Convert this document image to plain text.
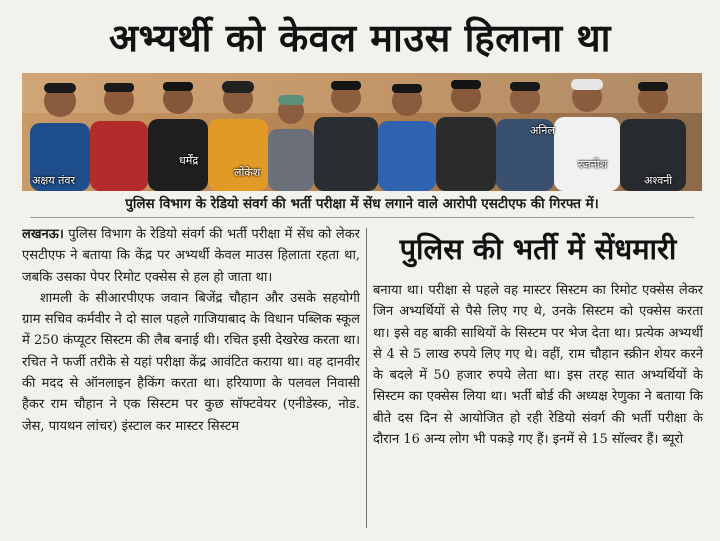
अभ्यर्थी को केवल माउस हिलाना था
अक्षय तंवर
धर्मेंद्र
लोकेश
अनिल
रजनीश
अश्वनी
पुलिस विभाग के रेडियो संवर्ग की भर्ती परीक्षा में सेंध लगाने वाले आरोपी एसटीएफ की गिरफ्त में।

लखनऊ। पुलिस विभाग के रेडियो संवर्ग की भर्ती परीक्षा में सेंध को लेकर एसटीएफ ने बताया कि केंद्र पर अभ्यर्थी केवल माउस हिलाता रहता था, जबकि उसका पेपर रिमोट एक्सेस से हल हो जाता था।

शामली के सीआरपीएफ जवान बिजेंद्र चौहान और उसके सहयोगी ग्राम सचिव कर्मवीर ने दो साल पहले गाजियाबाद के विधान पब्लिक स्कूल में 250 कंप्यूटर सिस्टम की लैब बनाई थी। रचित इसी देखरेख करता था। रचित ने फर्जी तरीके से यहां परीक्षा केंद्र आवंटित कराया था। वह दानवीर की मदद से ऑनलाइन हैकिंग करता था। हरियाणा के पलवल निवासी हैकर राम चौहान ने एक सिस्टम पर कुछ सॉफ्टवेयर (एनीडेस्क, नोड. जेस, पायथन लांचर) इंस्टाल कर मास्टर सिस्टम

पुलिस की भर्ती में सेंधमारी

बनाया था। परीक्षा से पहले वह मास्टर सिस्टम का रिमोट एक्सेस लेकर जिन अभ्यर्थियों से पैसे लिए गए थे, उनके सिस्टम को एक्सेस करता था। इसे वह बाकी साथियों के सिस्टम पर भेज देता था। प्रत्येक अभ्यर्थी से 4 से 5 लाख रुपये लिए गए थे। वहीं, राम चौहान स्क्रीन शेयर करने के बदले में 50 हजार रुपये लेता था। इस तरह सात अभ्यर्थियों के सिस्टम का एक्सेस लिया था। भर्ती बोर्ड की अध्यक्ष रेणुका ने बताया कि बीते दस दिन से आयोजित हो रही रेडियो संवर्ग की भर्ती परीक्षा के दौरान 16 अन्य लोग भी पकड़े गए हैं। इनमें से 15 सॉल्वर हैं। ब्यूरो
